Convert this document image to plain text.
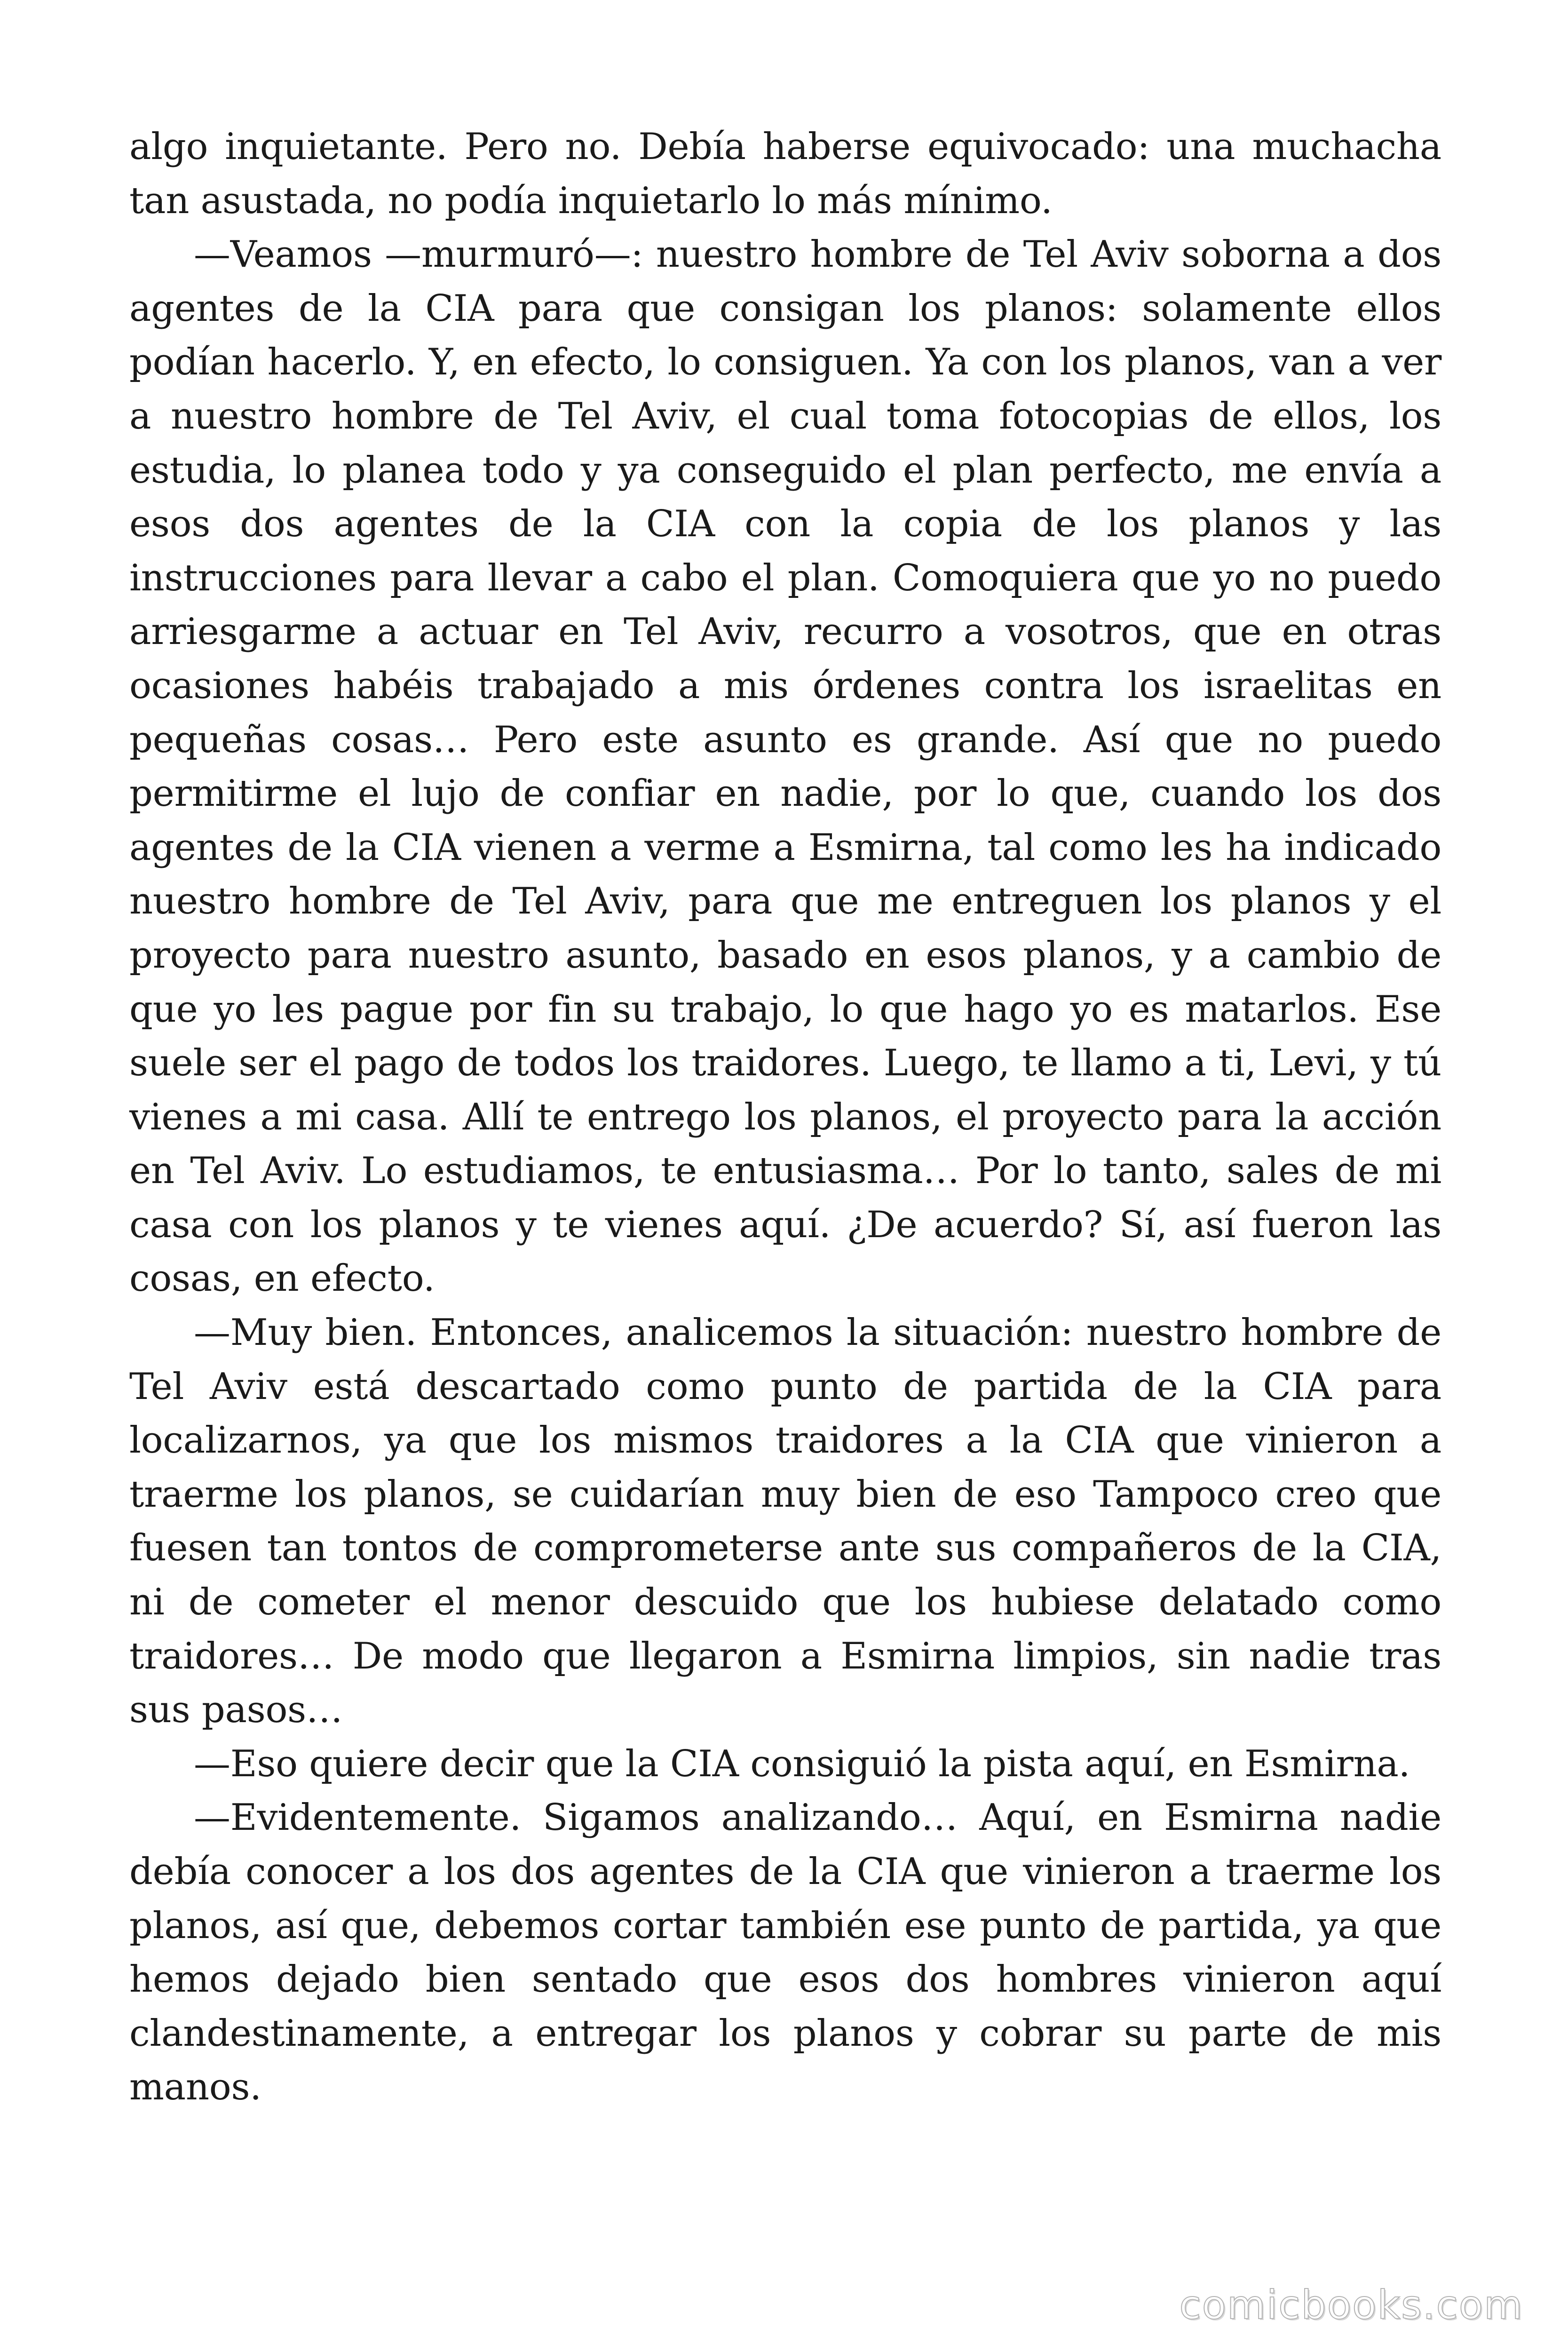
algo inquietante. Pero no. Debía haberse equivocado: una muchacha tan asustada, no podía inquietarlo lo más mínimo.

—Veamos —murmuró—: nuestro hombre de Tel Aviv soborna a dos agentes de la CIA para que consigan los planos: solamente ellos podían hacerlo. Y, en efecto, lo consiguen. Ya con los planos, van a ver a nuestro hombre de Tel Aviv, el cual toma fotocopias de ellos, los estudia, lo planea todo y ya conseguido el plan perfecto, me envía a esos dos agentes de la CIA con la copia de los planos y las instrucciones para llevar a cabo el plan. Comoquiera que yo no puedo arriesgarme a actuar en Tel Aviv, recurro a vosotros, que en otras ocasiones habéis trabajado a mis órdenes contra los israelitas en pequeñas cosas… Pero este asunto es grande. Así que no puedo permitirme el lujo de confiar en nadie, por lo que, cuando los dos agentes de la CIA vienen a verme a Esmirna, tal como les ha indicado nuestro hombre de Tel Aviv, para que me entreguen los planos y el proyecto para nuestro asunto, basado en esos planos, y a cambio de que yo les pague por fin su trabajo, lo que hago yo es matarlos. Ese suele ser el pago de todos los traidores. Luego, te llamo a ti, Levi, y tú vienes a mi casa. Allí te entrego los planos, el proyecto para la acción en Tel Aviv. Lo estudiamos, te entusiasma… Por lo tanto, sales de mi casa con los planos y te vienes aquí. ¿De acuerdo? Sí, así fueron las cosas, en efecto.

—Muy bien. Entonces, analicemos la situación: nuestro hombre de Tel Aviv está descartado como punto de partida de la CIA para localizarnos, ya que los mismos traidores a la CIA que vinieron a traerme los planos, se cuidarían muy bien de eso Tampoco creo que fuesen tan tontos de comprometerse ante sus compañeros de la CIA, ni de cometer el menor descuido que los hubiese delatado como traidores… De modo que llegaron a Esmirna limpios, sin nadie tras sus pasos…

—Eso quiere decir que la CIA consiguió la pista aquí, en Esmirna.

—Evidentemente. Sigamos analizando… Aquí, en Esmirna nadie debía conocer a los dos agentes de la CIA que vinieron a traerme los planos, así que, debemos cortar también ese punto de partida, ya que hemos dejado bien sentado que esos dos hombres vinieron aquí clandestinamente, a entregar los planos y cobrar su parte de mis manos.

comicbooks.com
